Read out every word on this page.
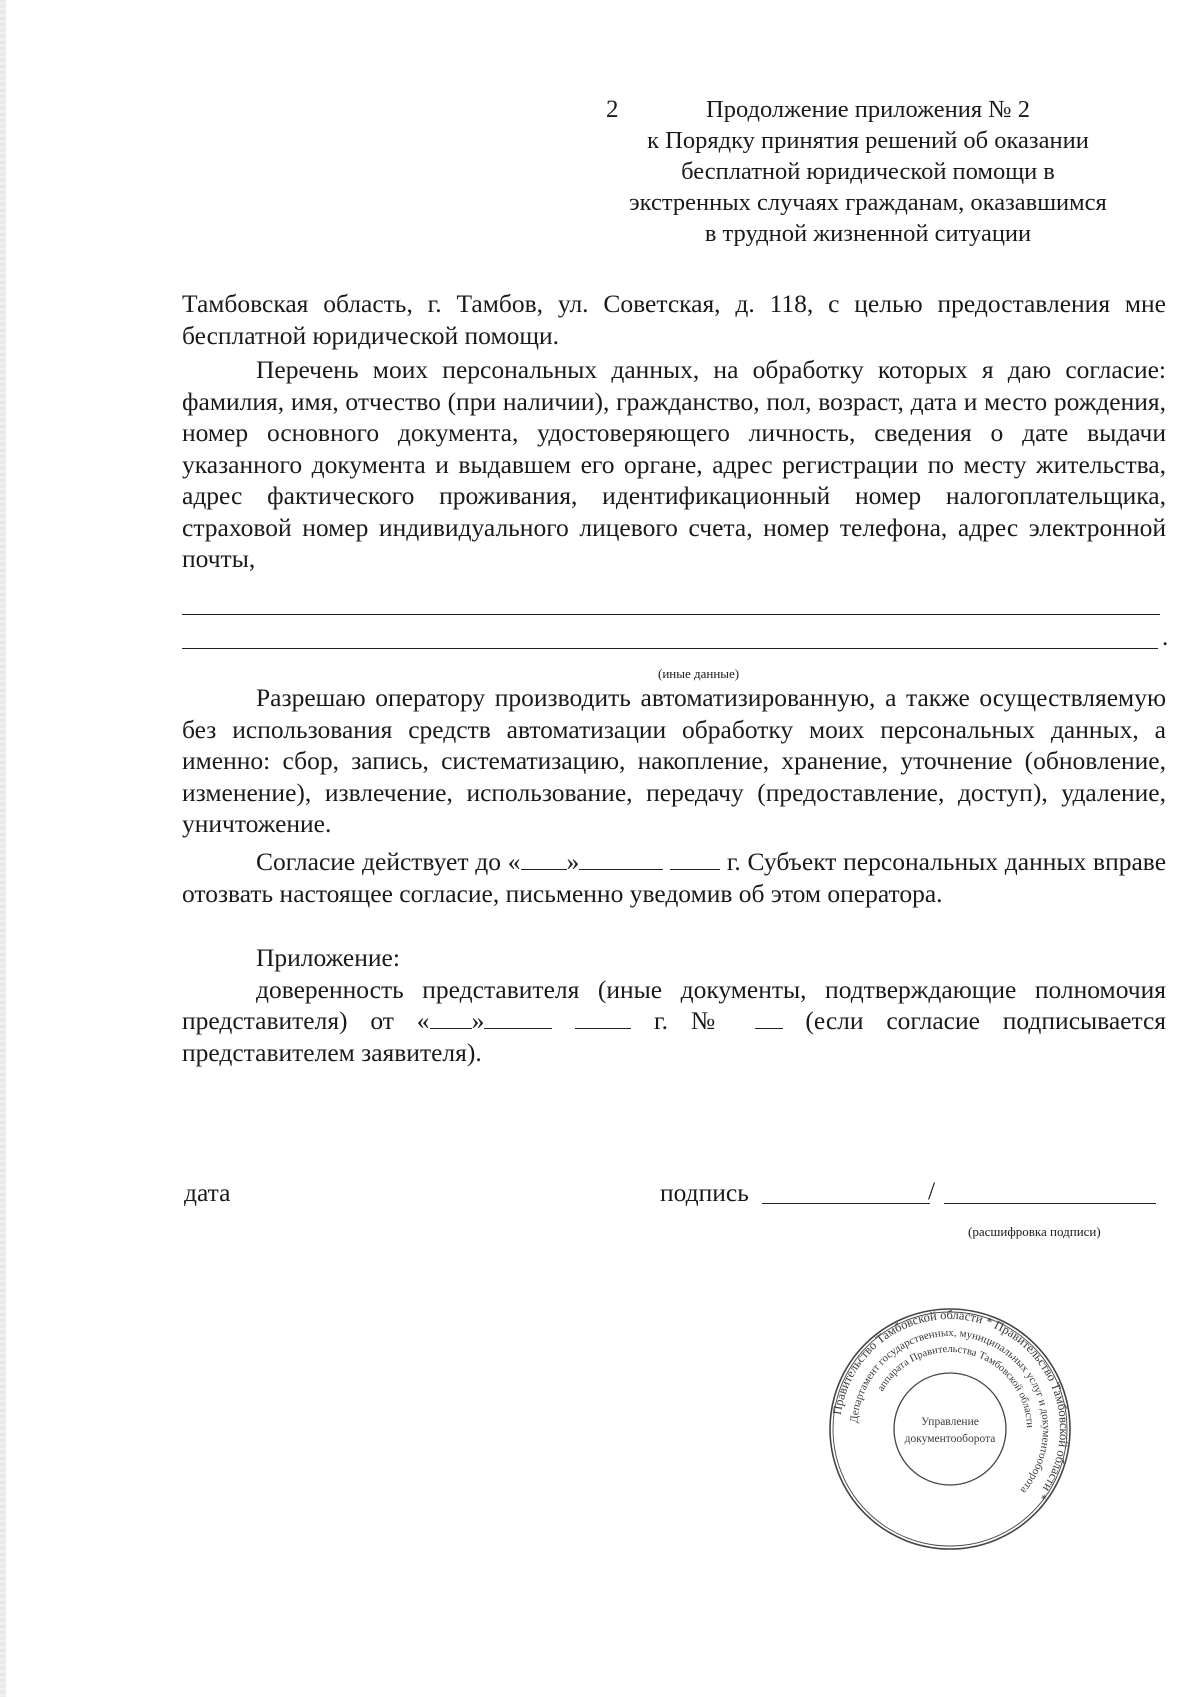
2	Продолжение приложения № 2
к Порядку принятия решений об оказании
бесплатной юридической помощи в
экстренных случаях гражданам, оказавшимся
в трудной жизненной ситуации
Тамбовская область, г. Тамбов, ул. Советская, д. 118, с целью предоставления мне бесплатной юридической помощи.
Перечень моих персональных данных, на обработку которых я даю согласие: фамилия, имя, отчество (при наличии), гражданство, пол, возраст, дата и место рождения, номер основного документа, удостоверяющего личность, сведения о дате выдачи указанного документа и выдавшем его органе, адрес регистрации по месту жительства, адрес фактического проживания, идентификационный номер налогоплательщика, страховой номер индивидуального лицевого счета, номер телефона, адрес электронной почты,
.
(иные данные)
Разрешаю оператору производить автоматизированную, а также осуществляемую без использования средств автоматизации обработку моих персональных данных, а именно: сбор, запись, систематизацию, накопление, хранение, уточнение (обновление, изменение), извлечение, использование, передачу (предоставление, доступ), удаление, уничтожение.
Согласие действует до « »	г. Субъект персональных данных вправе отозвать настоящее согласие, письменно уведомив об этом оператора.
Приложение:
доверенность представителя (иные документы, подтверждающие полномочия представителя) от « »	г. №  (если согласие подписывается представителем заявителя).
дата	подпись	/
(расшифровка подписи)
Правительство Тамбовской области * Правительство Тамбовской области *
Департамент государственных, муниципальных услуг и документооборота
аппарата Правительства Тамбовской области
Управление
документооборота
